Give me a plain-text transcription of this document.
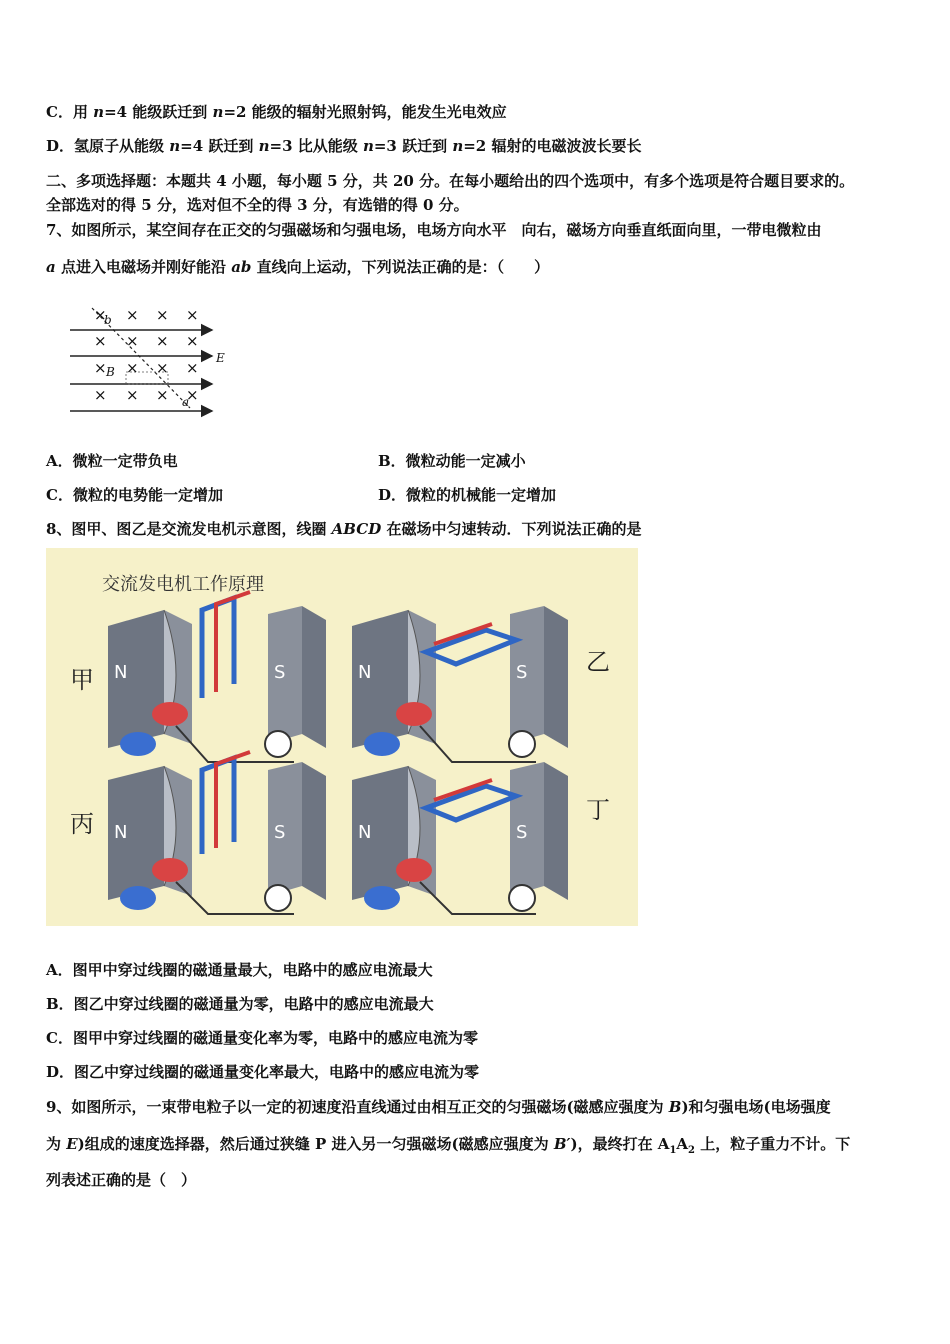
C．用 n=4 能级跃迁到 n=2 能级的辐射光照射钨，能发生光电效应
D．氢原子从能级 n=4 跃迁到 n=3 比从能级 n=3 跃迁到 n=2 辐射的电磁波波长要长
二、多项选择题：本题共 4 小题，每小题 5 分，共 20 分。在每小题给出的四个选项中，有多个选项是符合题目要求的。
全部选对的得 5 分，选对但不全的得 3 分，有选错的得 0 分。
7、如图所示，某空间存在正交的匀强磁场和匀强电场，电场方向水平　向右，磁场方向垂直纸面向里，一带电微粒由
a 点进入电磁场并刚好能沿 ab 直线向上运动，下列说法正确的是：（　　）
× × × ×
× × × ×
× × × ×
× × × ×
b
B
E
a
A．微粒一定带负电	B．微粒动能一定减小
C．微粒的电势能一定增加	D．微粒的机械能一定增加
8、图甲、图乙是交流发电机示意图，线圈 ABCD 在磁场中匀速转动．下列说法正确的是
交流发电机工作原理
N	S	N	S 乙
N	S	N	S
丁
甲
丙
A．图甲中穿过线圈的磁通量最大，电路中的感应电流最大
B．图乙中穿过线圈的磁通量为零，电路中的感应电流最大
C．图甲中穿过线圈的磁通量变化率为零，电路中的感应电流为零
D．图乙中穿过线圈的磁通量变化率最大，电路中的感应电流为零
9、如图所示，一束带电粒子以一定的初速度沿直线通过由相互正交的匀强磁场(磁感应强度为 B)和匀强电场(电场强度
为 E)组成的速度选择器，然后通过狭缝 P 进入另一匀强磁场(磁感应强度为 B′)，最终打在 $A_1A_2$ 上，粒子重力不计。下
列表述正确的是（　）
